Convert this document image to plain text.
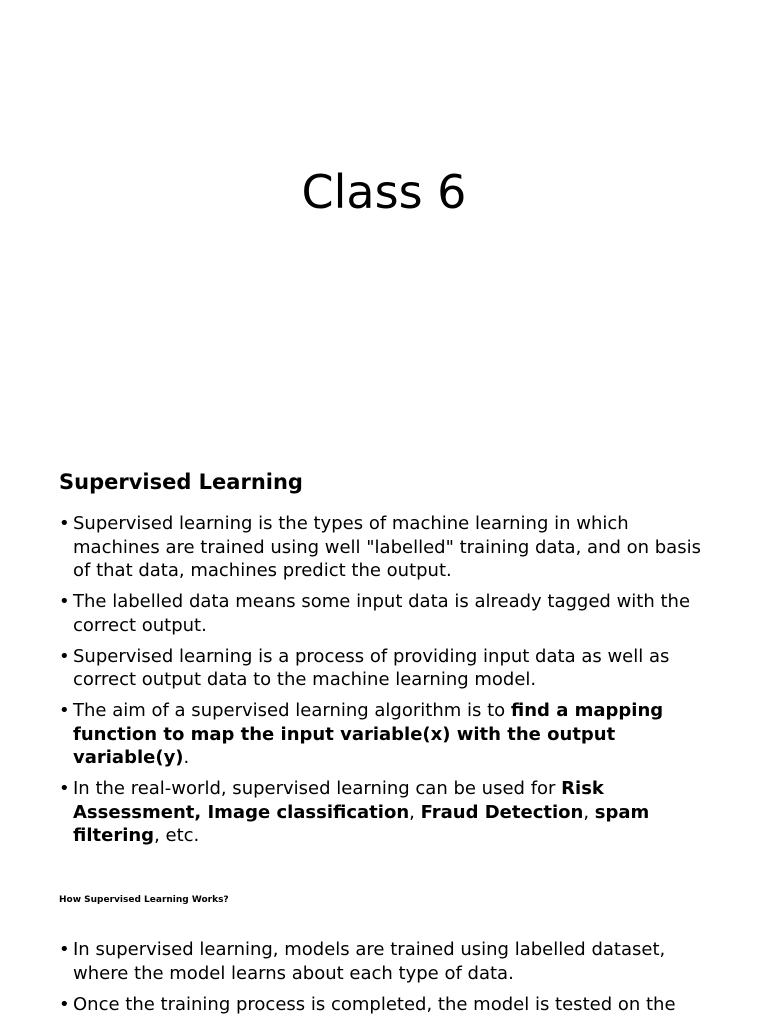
Class 6
Supervised Learning
• Supervised learning is the types of machine learning in which machines are trained using well "labelled" training data, and on basis of that data, machines predict the output.
• The labelled data means some input data is already tagged with the correct output.
• Supervised learning is a process of providing input data as well as correct output data to the machine learning model.
• The aim of a supervised learning algorithm is to find a mapping function to map the input variable(x) with the output variable(y).
• In the real-world, supervised learning can be used for Risk Assessment, Image classification, Fraud Detection, spam filtering, etc.
How Supervised Learning Works?
• In supervised learning, models are trained using labelled dataset, where the model learns about each type of data.
• Once the training process is completed, the model is tested on the
